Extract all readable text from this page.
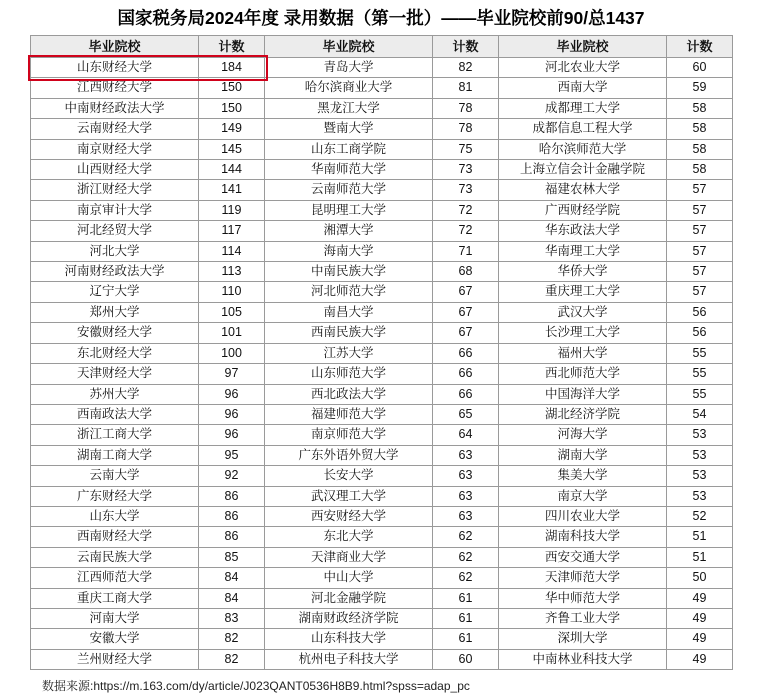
国家税务局2024年度 录用数据（第一批）——毕业院校前90/总1437
毕业院校	计数	毕业院校	计数	毕业院校	计数
山东财经大学	184	青岛大学	82	河北农业大学	60
江西财经大学	150	哈尔滨商业大学	81	西南大学	59
中南财经政法大学	150	黑龙江大学	78	成都理工大学	58
云南财经大学	149	暨南大学	78	成都信息工程大学	58
南京财经大学	145	山东工商学院	75	哈尔滨师范大学	58
山西财经大学	144	华南师范大学	73	上海立信会计金融学院	58
浙江财经大学	141	云南师范大学	73	福建农林大学	57
南京审计大学	119	昆明理工大学	72	广西财经学院	57
河北经贸大学	117	湘潭大学	72	华东政法大学	57
河北大学	114	海南大学	71	华南理工大学	57
河南财经政法大学	113	中南民族大学	68	华侨大学	57
辽宁大学	110	河北师范大学	67	重庆理工大学	57
郑州大学	105	南昌大学	67	武汉大学	56
安徽财经大学	101	西南民族大学	67	长沙理工大学	56
东北财经大学	100	江苏大学	66	福州大学	55
天津财经大学	97	山东师范大学	66	西北师范大学	55
苏州大学	96	西北政法大学	66	中国海洋大学	55
西南政法大学	96	福建师范大学	65	湖北经济学院	54
浙江工商大学	96	南京师范大学	64	河海大学	53
湖南工商大学	95	广东外语外贸大学	63	湖南大学	53
云南大学	92	长安大学	63	集美大学	53
广东财经大学	86	武汉理工大学	63	南京大学	53
山东大学	86	西安财经大学	63	四川农业大学	52
西南财经大学	86	东北大学	62	湖南科技大学	51
云南民族大学	85	天津商业大学	62	西安交通大学	51
江西师范大学	84	中山大学	62	天津师范大学	50
重庆工商大学	84	河北金融学院	61	华中师范大学	49
河南大学	83	湖南财政经济学院	61	齐鲁工业大学	49
安徽大学	82	山东科技大学	61	深圳大学	49
兰州财经大学	82	杭州电子科技大学	60	中南林业科技大学	49
数据来源:https://m.163.com/dy/article/J023QANT0536H8B9.html?spss=adap_pc
